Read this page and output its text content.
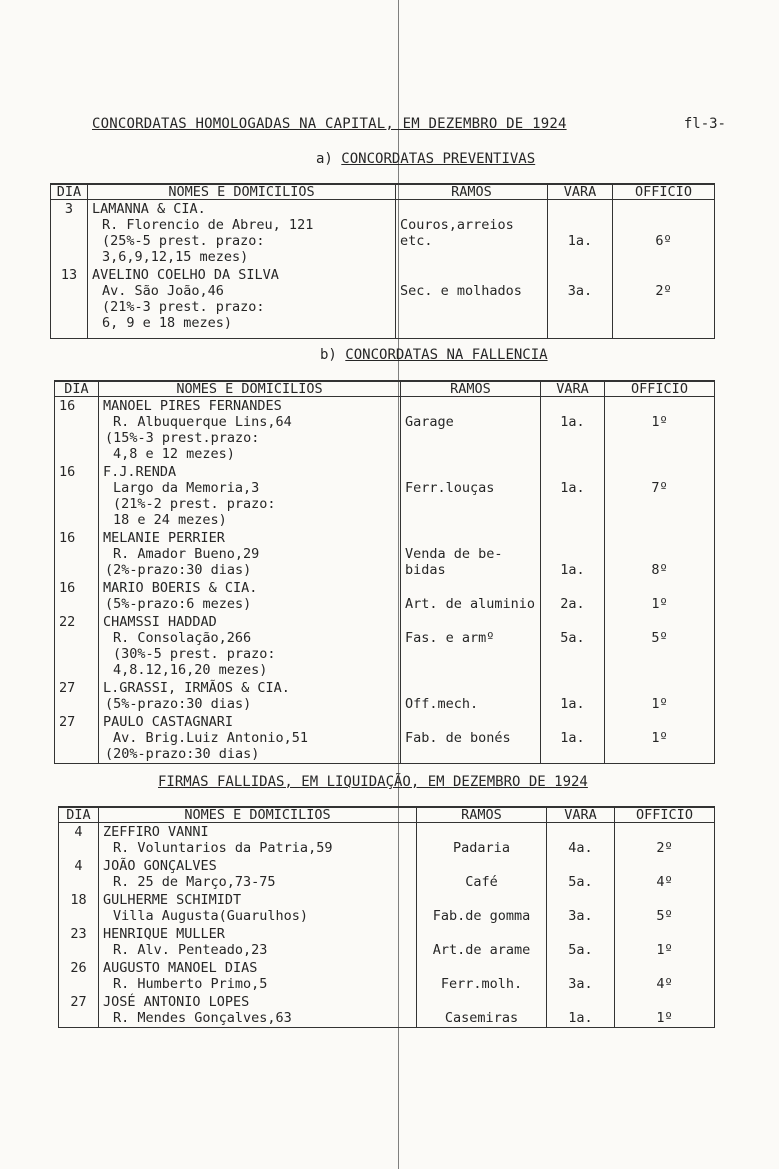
CONCORDATAS HOMOLOGADAS NA CAPITAL, EM DEZEMBRO DE 1924	fl-3-
a) CONCORDATAS PREVENTIVAS
DIA	NOMES E DOMICILIOS	RAMOS	VARA	OFFICIO
3	LAMANNA & CIA.
R. Florencio de Abreu, 121
(25%-5 prest. prazo:
3,6,9,12,15 mezes)	Couros,arreios
etc.	1a.	6º
13	AVELINO COELHO DA SILVA
Av. São João,46
(21%-3 prest. prazo:
6, 9 e 18 mezes)	Sec. e molhados	3a.	2º
b) CONCORDATAS NA FALLENCIA
DIA	NOMES E DOMICILIOS	RAMOS	VARA	OFFICIO
16	MANOEL PIRES FERNANDES
R. Albuquerque Lins,64
(15%-3 prest.prazo:
4,8 e 12 mezes)	Garage	1a.	1º
16	F.J.RENDA
Largo da Memoria,3
(21%-2 prest. prazo:
18 e 24 mezes)	Ferr.louças	1a.	7º
16	MELANIE PERRIER
R. Amador Bueno,29
(2%-prazo:30 dias)	Venda de be-
bidas	1a.	8º
16	MARIO BOERIS & CIA.
(5%-prazo:6 mezes)	Art. de aluminio	2a.	1º
22	CHAMSSI HADDAD
R. Consolação,266
(30%-5 prest. prazo:
4,8.12,16,20 mezes)	Fas. e armº	5a.	5º
27	L.GRASSI, IRMÃOS & CIA.
(5%-prazo:30 dias)	Off.mech.	1a.	1º
27	PAULO CASTAGNARI
Av. Brig.Luiz Antonio,51
(20%-prazo:30 dias)	Fab. de bonés	1a.	1º
FIRMAS FALLIDAS, EM LIQUIDAÇÃO, EM DEZEMBRO DE 1924
DIA	NOMES E DOMICILIOS	RAMOS	VARA	OFFICIO
4	ZEFFIRO VANNI
R. Voluntarios da Patria,59	Padaria	4a.	2º
4	JOÃO GONÇALVES
R. 25 de Março,73-75	Café	5a.	4º
18	GULHERME SCHIMIDT
Villa Augusta(Guarulhos)	Fab.de gomma	3a.	5º
23	HENRIQUE MULLER
R. Alv. Penteado,23	Art.de arame	5a.	1º
26	AUGUSTO MANOEL DIAS
R. Humberto Primo,5	Ferr.molh.	3a.	4º
27	JOSÉ ANTONIO LOPES
R. Mendes Gonçalves,63	Casemiras	1a.	1º
